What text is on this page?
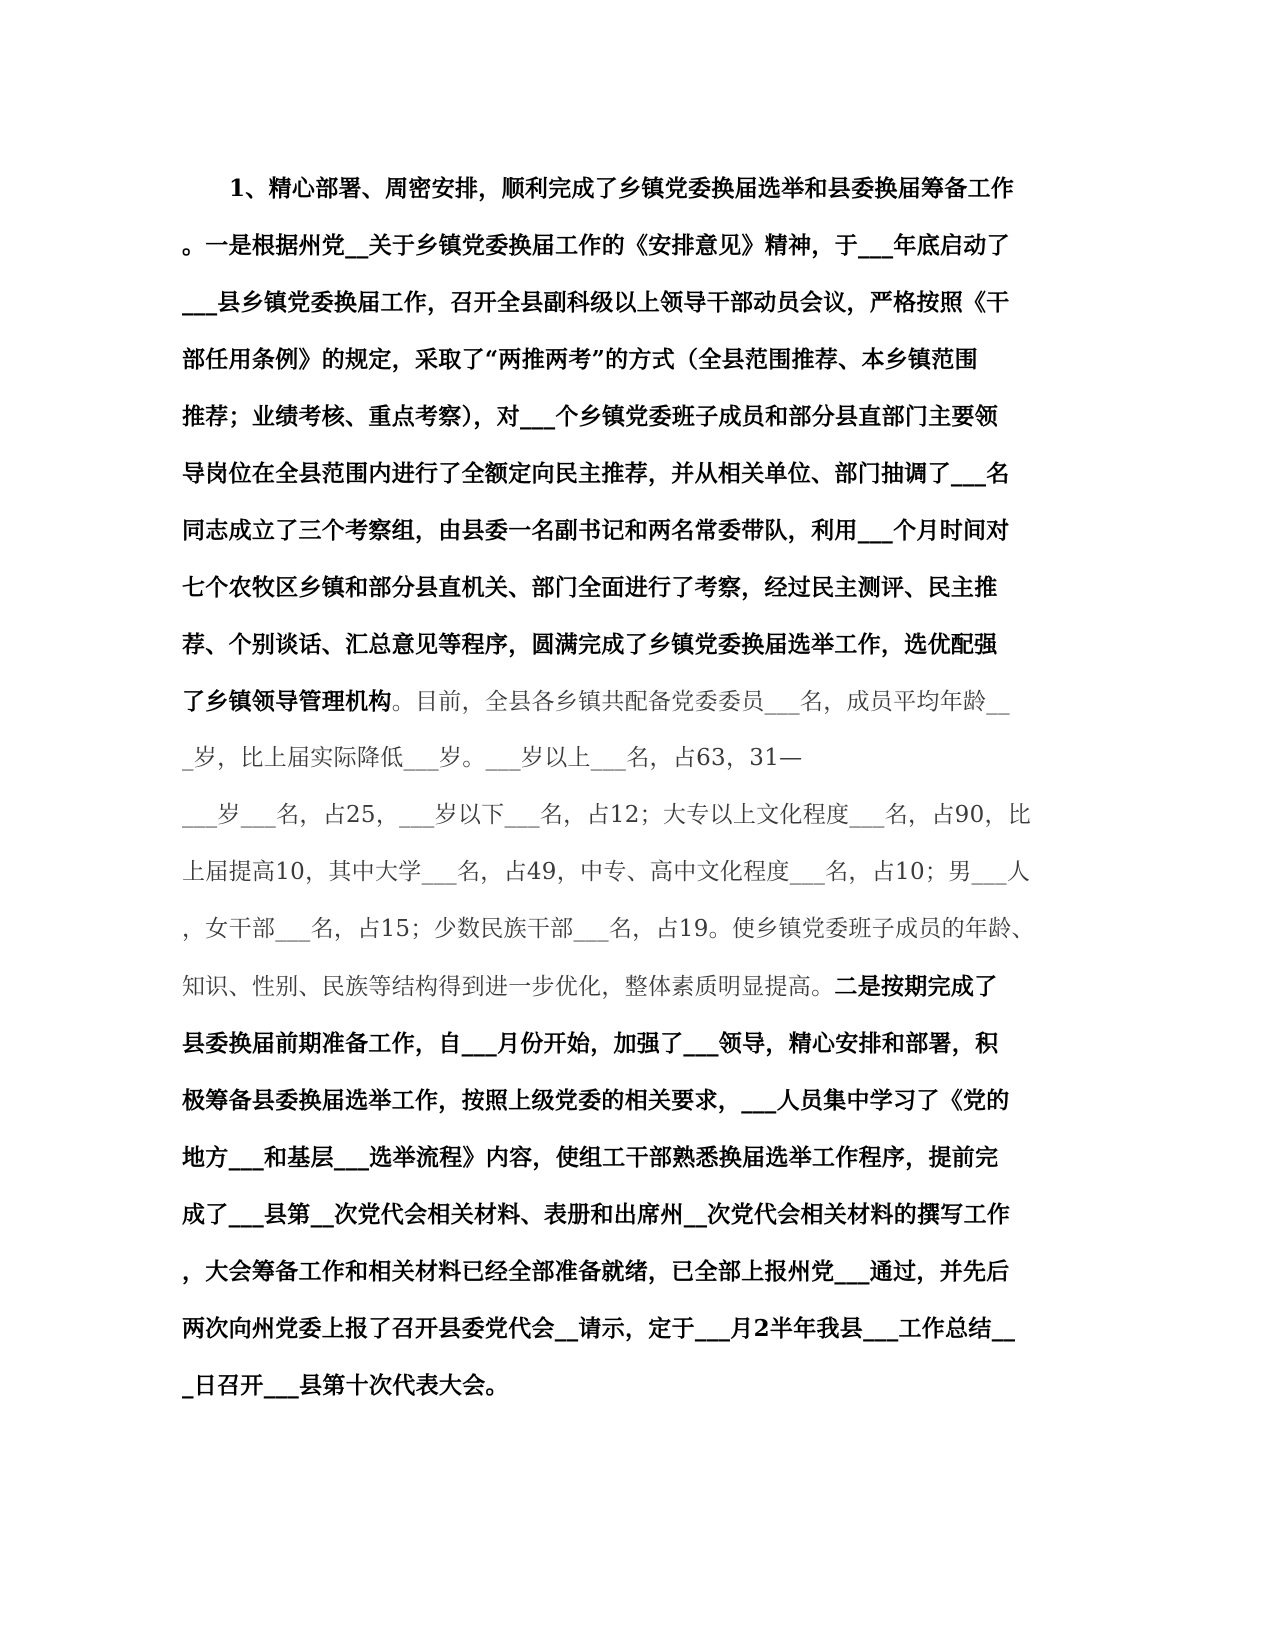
1、精心部署、周密安排，顺利完成了乡镇党委换届选举和县委换届筹备工作
。一是根据州党__关于乡镇党委换届工作的《安排意见》精神，于___年底启动了
___县乡镇党委换届工作，召开全县副科级以上领导干部动员会议，严格按照《干
部任用条例》的规定，采取了“两推两考”的方式（全县范围推荐、本乡镇范围
推荐；业绩考核、重点考察），对___个乡镇党委班子成员和部分县直部门主要领
导岗位在全县范围内进行了全额定向民主推荐，并从相关单位、部门抽调了___名
同志成立了三个考察组，由县委一名副书记和两名常委带队，利用___个月时间对
七个农牧区乡镇和部分县直机关、部门全面进行了考察，经过民主测评、民主推
荐、个别谈话、汇总意见等程序，圆满完成了乡镇党委换届选举工作，选优配强
了乡镇领导管理机构。目前，全县各乡镇共配备党委委员___名，成员平均年龄__
_岁，比上届实际降低___岁。___岁以上___名，占63，31—
___岁___名，占25，___岁以下___名，占12；大专以上文化程度___名，占90，比
上届提高10，其中大学___名，占49，中专、高中文化程度___名，占10；男___人
，女干部___名，占15；少数民族干部___名，占19。使乡镇党委班子成员的年龄、
知识、性别、民族等结构得到进一步优化，整体素质明显提高。二是按期完成了
县委换届前期准备工作，自___月份开始，加强了___领导，精心安排和部署，积
极筹备县委换届选举工作，按照上级党委的相关要求，___人员集中学习了《党的
地方___和基层___选举流程》内容，使组工干部熟悉换届选举工作程序，提前完
成了___县第__次党代会相关材料、表册和出席州__次党代会相关材料的撰写工作
，大会筹备工作和相关材料已经全部准备就绪，已全部上报州党___通过，并先后
两次向州党委上报了召开县委党代会__请示，定于___月2半年我县___工作总结__
_日召开___县第十次代表大会。
